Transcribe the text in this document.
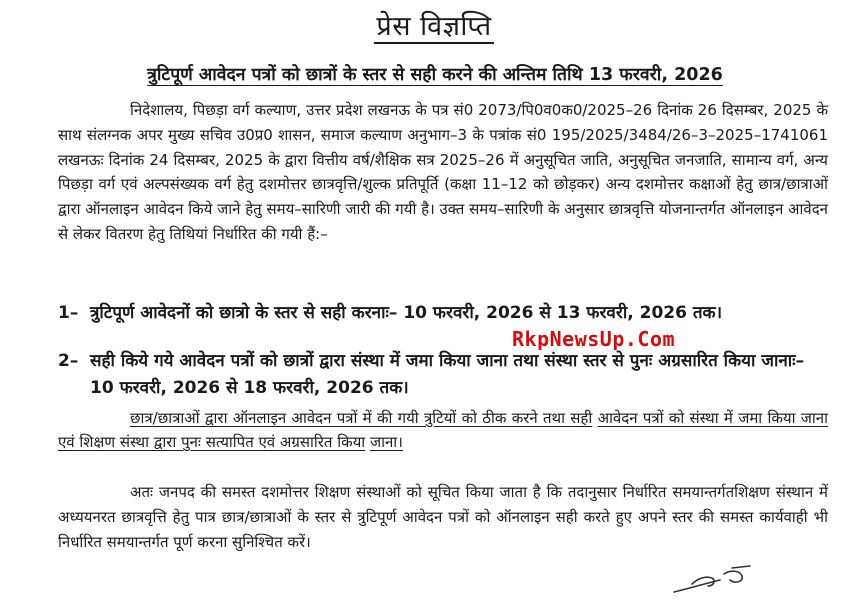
प्रेस विज्ञप्ति
त्रुटिपूर्ण आवेदन पत्रों को छात्रों के स्तर से सही करने की अन्तिम तिथि 13 फरवरी, 2026
निदेशालय, पिछड़ा वर्ग कल्याण, उत्तर प्रदेश लखनऊ के पत्र सं0 2073/पि0व0क0/2025–26 दिनांक 26 दिसम्बर, 2025 के साथ संलग्नक अपर मुख्य सचिव उ0प्र0 शासन, समाज कल्याण अनुभाग–3 के पत्रांक सं0 195/2025/3484/26–3–2025–1741061 लखनऊः दिनांक 24 दिसम्बर, 2025 के द्वारा वित्तीय वर्ष/शैक्षिक सत्र 2025–26 में अनुसूचित जाति, अनुसूचित जनजाति, सामान्य वर्ग, अन्य पिछड़ा वर्ग एवं अल्पसंख्यक वर्ग हेतु दशमोत्तर छात्रवृत्ति/शुल्क प्रतिपूर्ति (कक्षा 11–12 को छोड़कर) अन्य दशमोत्तर कक्षाओं हेतु छात्र/छात्राओं द्वारा ऑनलाइन आवेदन किये जाने हेतु समय–सारिणी जारी की गयी है। उक्त समय–सारिणी के अनुसार छात्रवृत्ति योजनान्तर्गत ऑनलाइन आवेदन से लेकर वितरण हेतु तिथियां निर्धारित की गयी हैं:–
1– त्रुटिपूर्ण आवेदनों को छात्रो के स्तर से सही करनाः– 10 फरवरी, 2026 से 13 फरवरी, 2026 तक।
2– सही किये गये आवेदन पत्रों को छात्रों द्वारा संस्था में जमा किया जाना तथा संस्था स्तर से पुनः अग्रसारित किया जानाः– 10 फरवरी, 2026 से 18 फरवरी, 2026 तक।
RkpNewsUp.Com
छात्र/छात्राओं द्वारा ऑनलाइन आवेदन पत्रों में की गयी त्रुटियों को ठीक करने तथा सही आवेदन पत्रों को संस्था में जमा किया जाना एवं शिक्षण संस्था द्वारा पुनः सत्यापित एवं अग्रसारित किया जाना।
अतः जनपद की समस्त दशमोत्तर शिक्षण संस्थाओं को सूचित किया जाता है कि तदानुसार निर्धारित समयान्तर्गतशिक्षण संस्थान में अध्ययनरत छात्रवृत्ति हेतु पात्र छात्र/छात्राओं के स्तर से त्रुटिपूर्ण आवेदन पत्रों को ऑनलाइन सही करते हुए अपने स्तर की समस्त कार्यवाही भी निर्धारित समयान्तर्गत पूर्ण करना सुनिश्चित करें।
